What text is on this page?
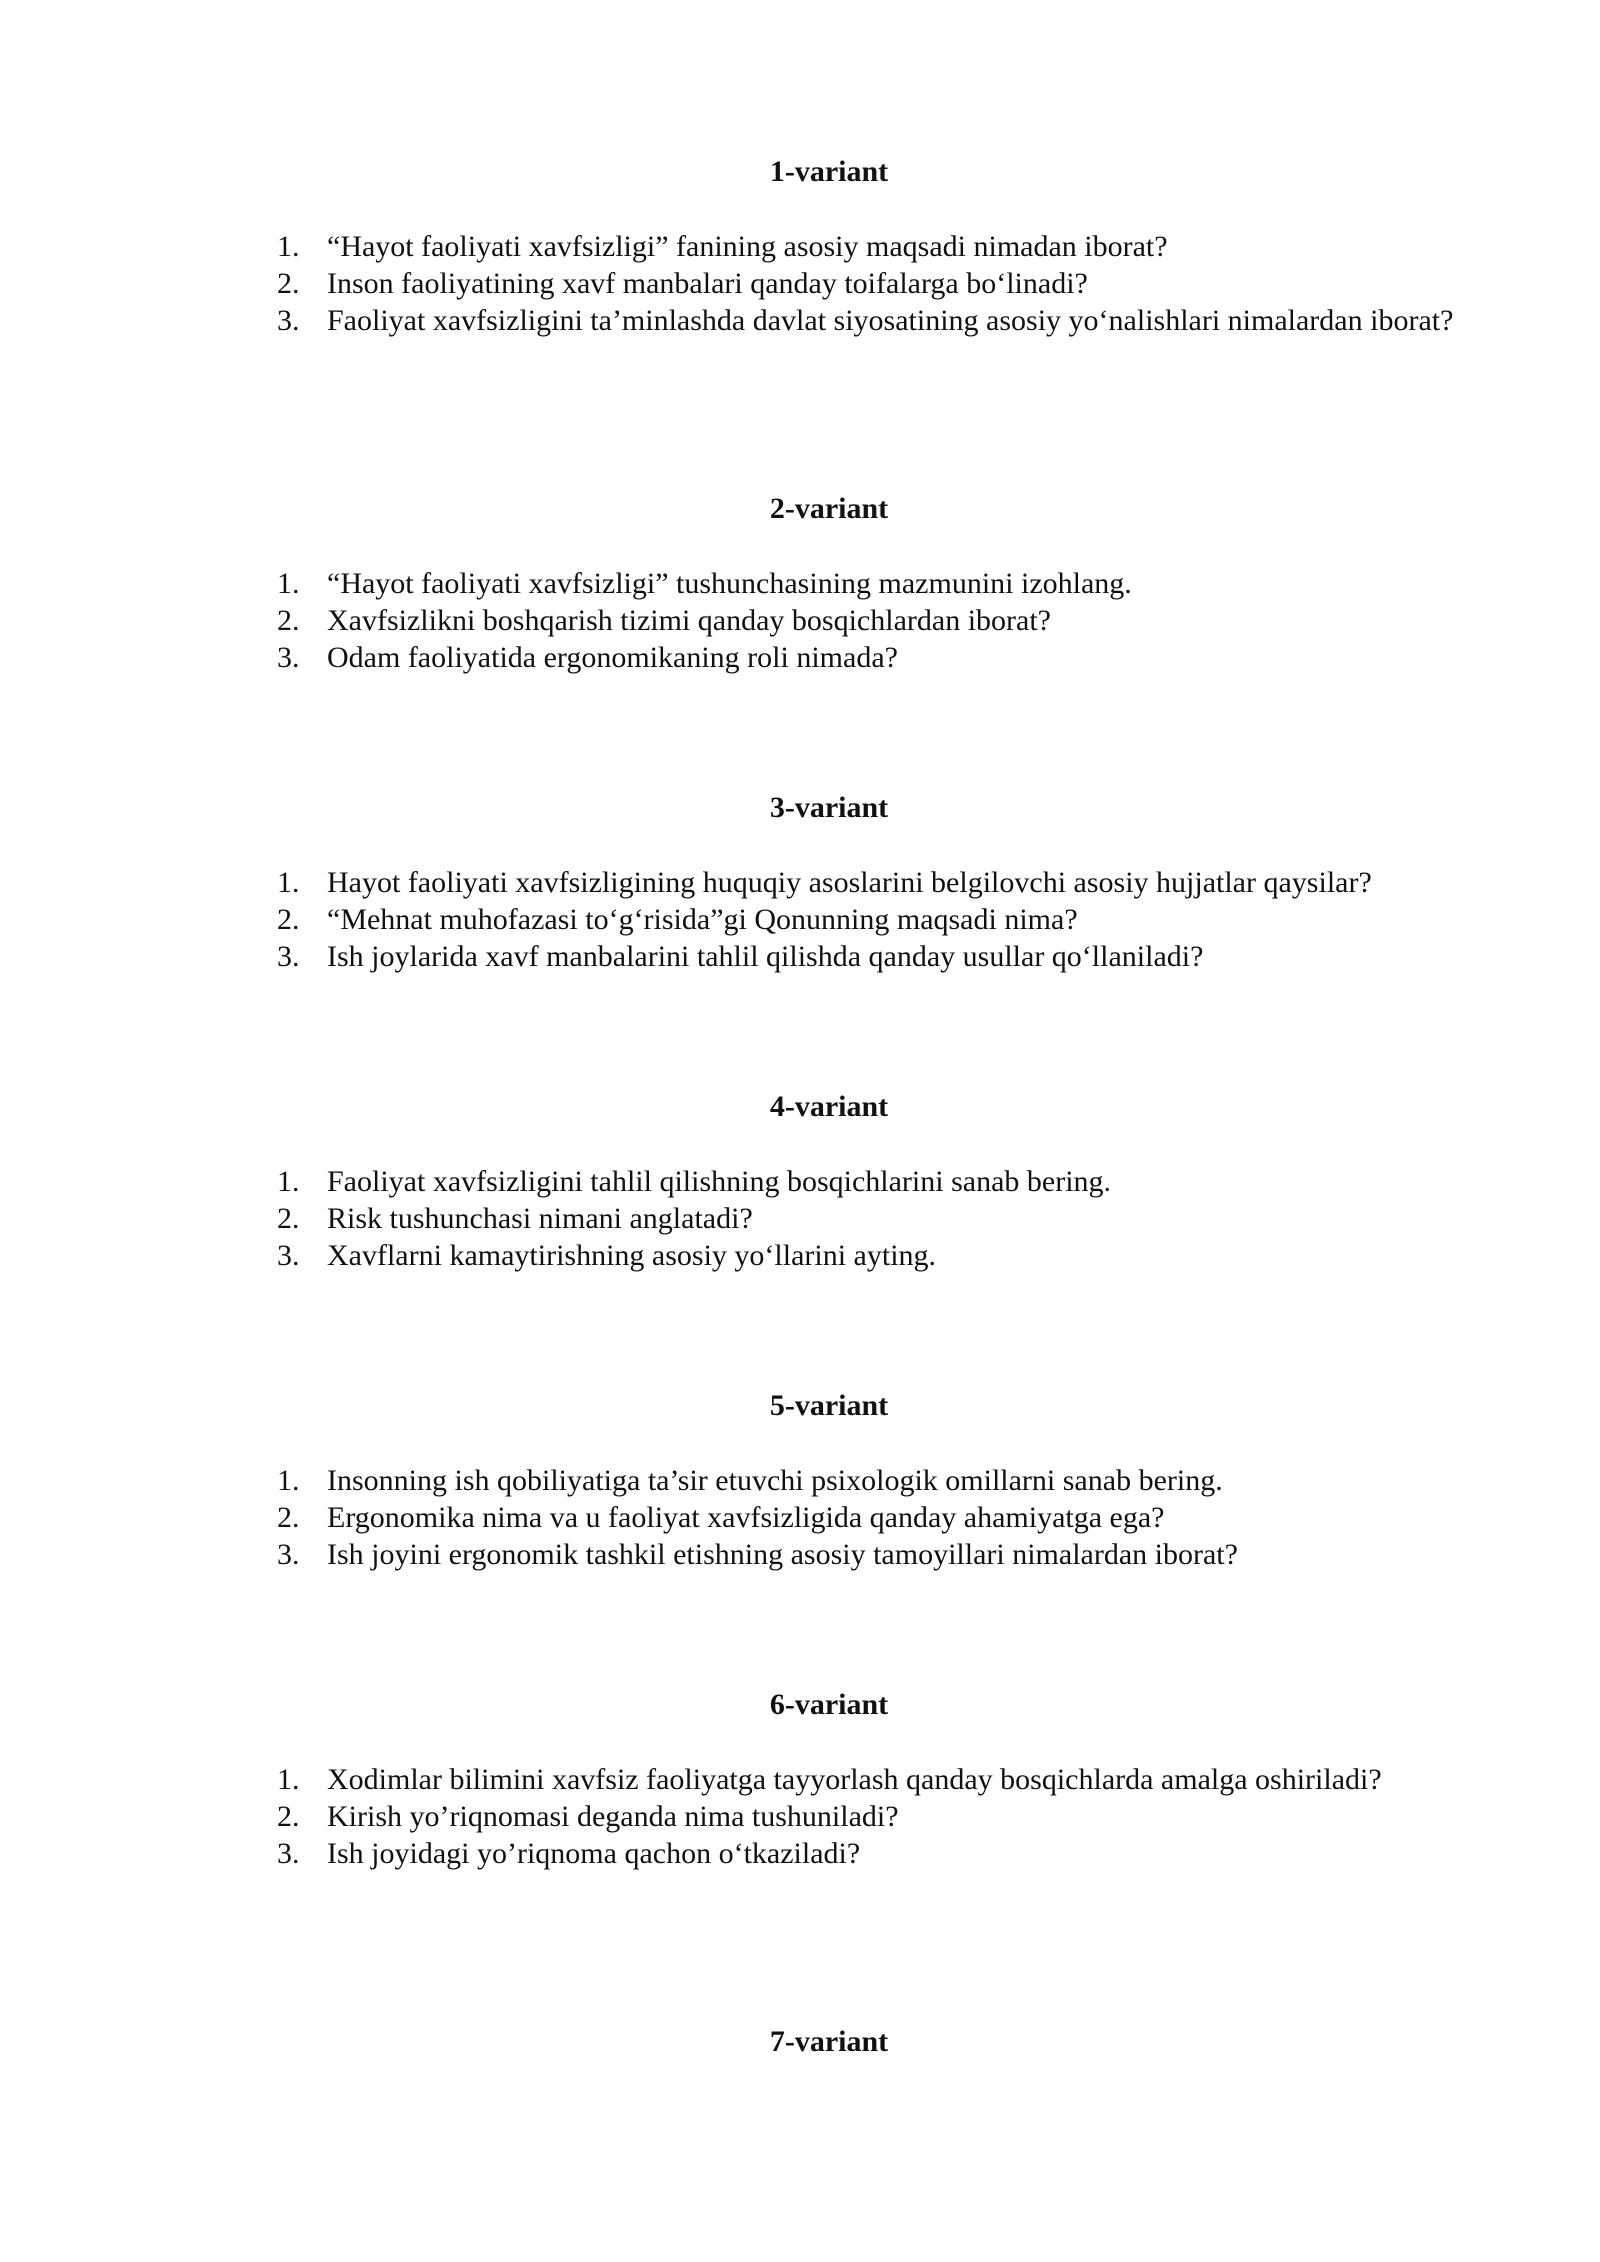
1-variant
1. “Hayot faoliyati xavfsizligi” fanining asosiy maqsadi nimadan iborat?
2. Inson faoliyatining xavf manbalari qanday toifalarga bo‘linadi?
3. Faoliyat xavfsizligini ta’minlashda davlat siyosatining asosiy yo‘nalishlari nimalardan iborat?
2-variant
1. “Hayot faoliyati xavfsizligi” tushunchasining mazmunini izohlang.
2. Xavfsizlikni boshqarish tizimi qanday bosqichlardan iborat?
3. Odam faoliyatida ergonomikaning roli nimada?
3-variant
1. Hayot faoliyati xavfsizligining huquqiy asoslarini belgilovchi asosiy hujjatlar qaysilar?
2. “Mehnat muhofazasi to‘g‘risida”gi Qonunning maqsadi nima?
3. Ish joylarida xavf manbalarini tahlil qilishda qanday usullar qo‘llaniladi?
4-variant
1. Faoliyat xavfsizligini tahlil qilishning bosqichlarini sanab bering.
2. Risk tushunchasi nimani anglatadi?
3. Xavflarni kamaytirishning asosiy yo‘llarini ayting.
5-variant
1. Insonning ish qobiliyatiga ta’sir etuvchi psixologik omillarni sanab bering.
2. Ergonomika nima va u faoliyat xavfsizligida qanday ahamiyatga ega?
3. Ish joyini ergonomik tashkil etishning asosiy tamoyillari nimalardan iborat?
6-variant
1. Xodimlar bilimini xavfsiz faoliyatga tayyorlash qanday bosqichlarda amalga oshiriladi?
2. Kirish yo’riqnomasi deganda nima tushuniladi?
3. Ish joyidagi yo’riqnoma qachon o‘tkaziladi?
7-variant
